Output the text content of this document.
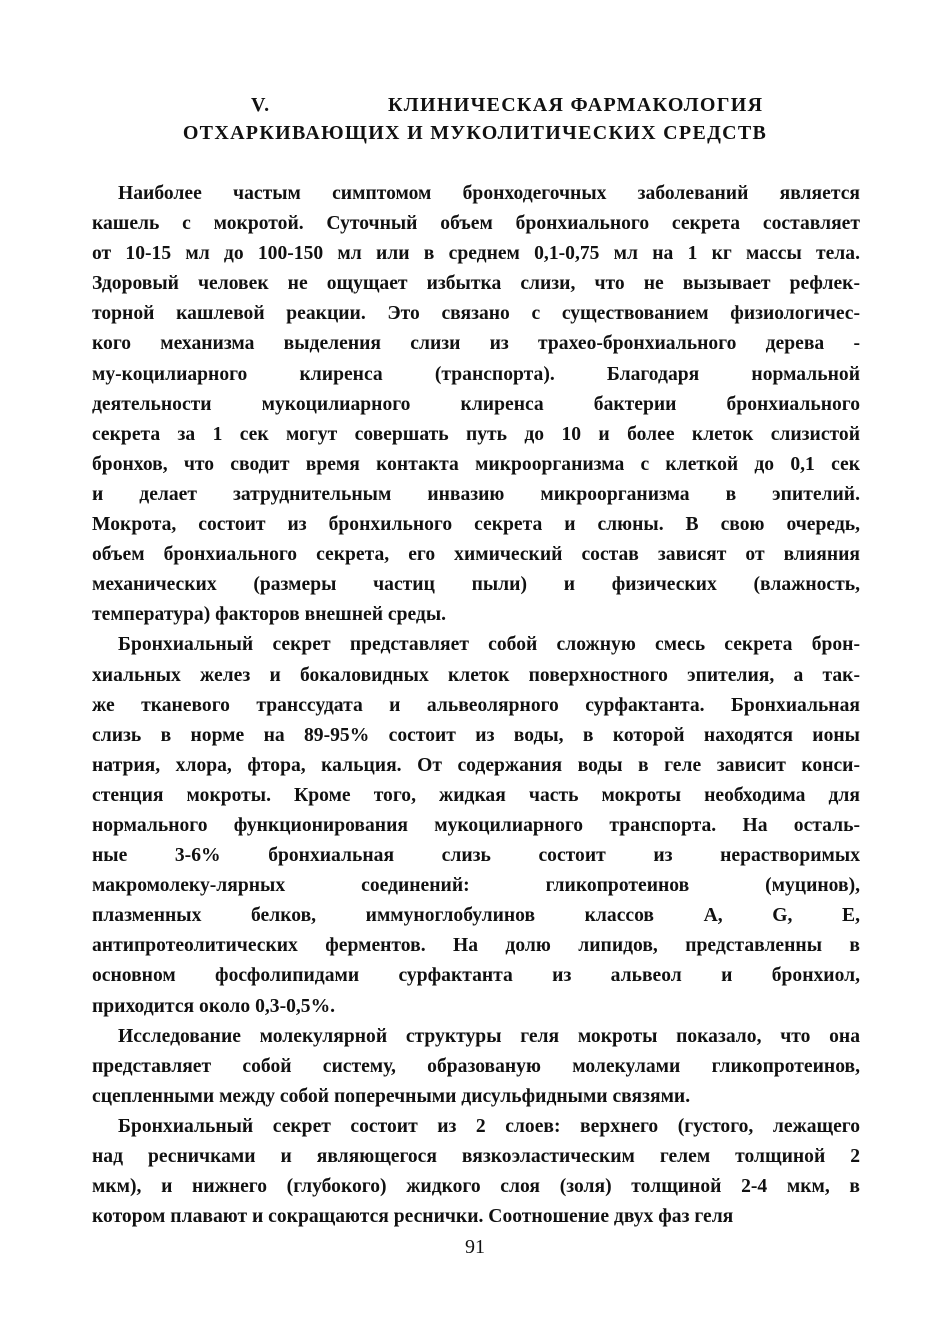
V.	КЛИНИЧЕСКАЯ ФАРМАКОЛОГИЯ
ОТХАРКИВАЮЩИХ И МУКОЛИТИЧЕСКИХ СРЕДСТВ
Наиболее частым симптомом бронходегочных заболеваний является
кашель с мокротой. Суточный объем бронхиального секрета составляет
от 10-15 мл до 100-150 мл или в среднем 0,1-0,75 мл на 1 кг массы тела.
Здоровый человек не ощущает избытка слизи, что не вызывает рефлек-
торной кашлевой реакции. Это связано с существованием физиологичес-
кого механизма выделения слизи из трахео-бронхиального дерева -
му-коцилиарного клиренса (транспорта). Благодаря нормальной
деятельности мукоцилиарного клиренса бактерии бронхиального
секрета за 1 сек могут совершать путь до 10 и более клеток слизистой
бронхов, что сводит время контакта микроорганизма с клеткой до 0,1 сек
и делает затруднительным инвазию микроорганизма в эпителий.
Мокрота, состоит из бронхильного секрета и слюны. В свою очередь,
объем бронхиального секрета, его химический состав зависят от влияния
механических (размеры частиц пыли) и физических (влажность,
температура) факторов внешней среды.
Бронхиальный секрет представляет собой сложную смесь секрета брон-
хиальных желез и бокаловидных клеток поверхностного эпителия, а так-
же тканевого транссудата и альвеолярного сурфактанта. Бронхиальная
слизь в норме на 89-95% состоит из воды, в которой находятся ионы
натрия, хлора, фтора, кальция. От содержания воды в геле зависит конси-
стенция мокроты. Кроме того, жидкая часть мокроты необходима для
нормального функционирования мукоцилиарного транспорта. На осталь-
ные 3-6% бронхиальная слизь состоит из нерастворимых
макромолеку-лярных соединений: гликопротеинов (муцинов),
плазменных белков, иммуноглобулинов классов A, G, E,
антипротеолитических ферментов. На долю липидов, представленны в
основном фосфолипидами сурфактанта из альвеол и бронхиол,
приходится около 0,3-0,5%.
Исследование молекулярной структуры геля мокроты показало, что она
представляет собой систему, образованую молекулами гликопротеинов,
сцепленными между собой поперечными дисульфидными связями.
Бронхиальный секрет состоит из 2 слоев: верхнего (густого, лежащего
над ресничками и являющегося вязкоэластическим гелем толщиной 2
мкм), и нижнего (глубокого) жидкого слоя (золя) толщиной 2-4 мкм, в
котором плавают и сокращаются реснички. Соотношение двух фаз геля
91
